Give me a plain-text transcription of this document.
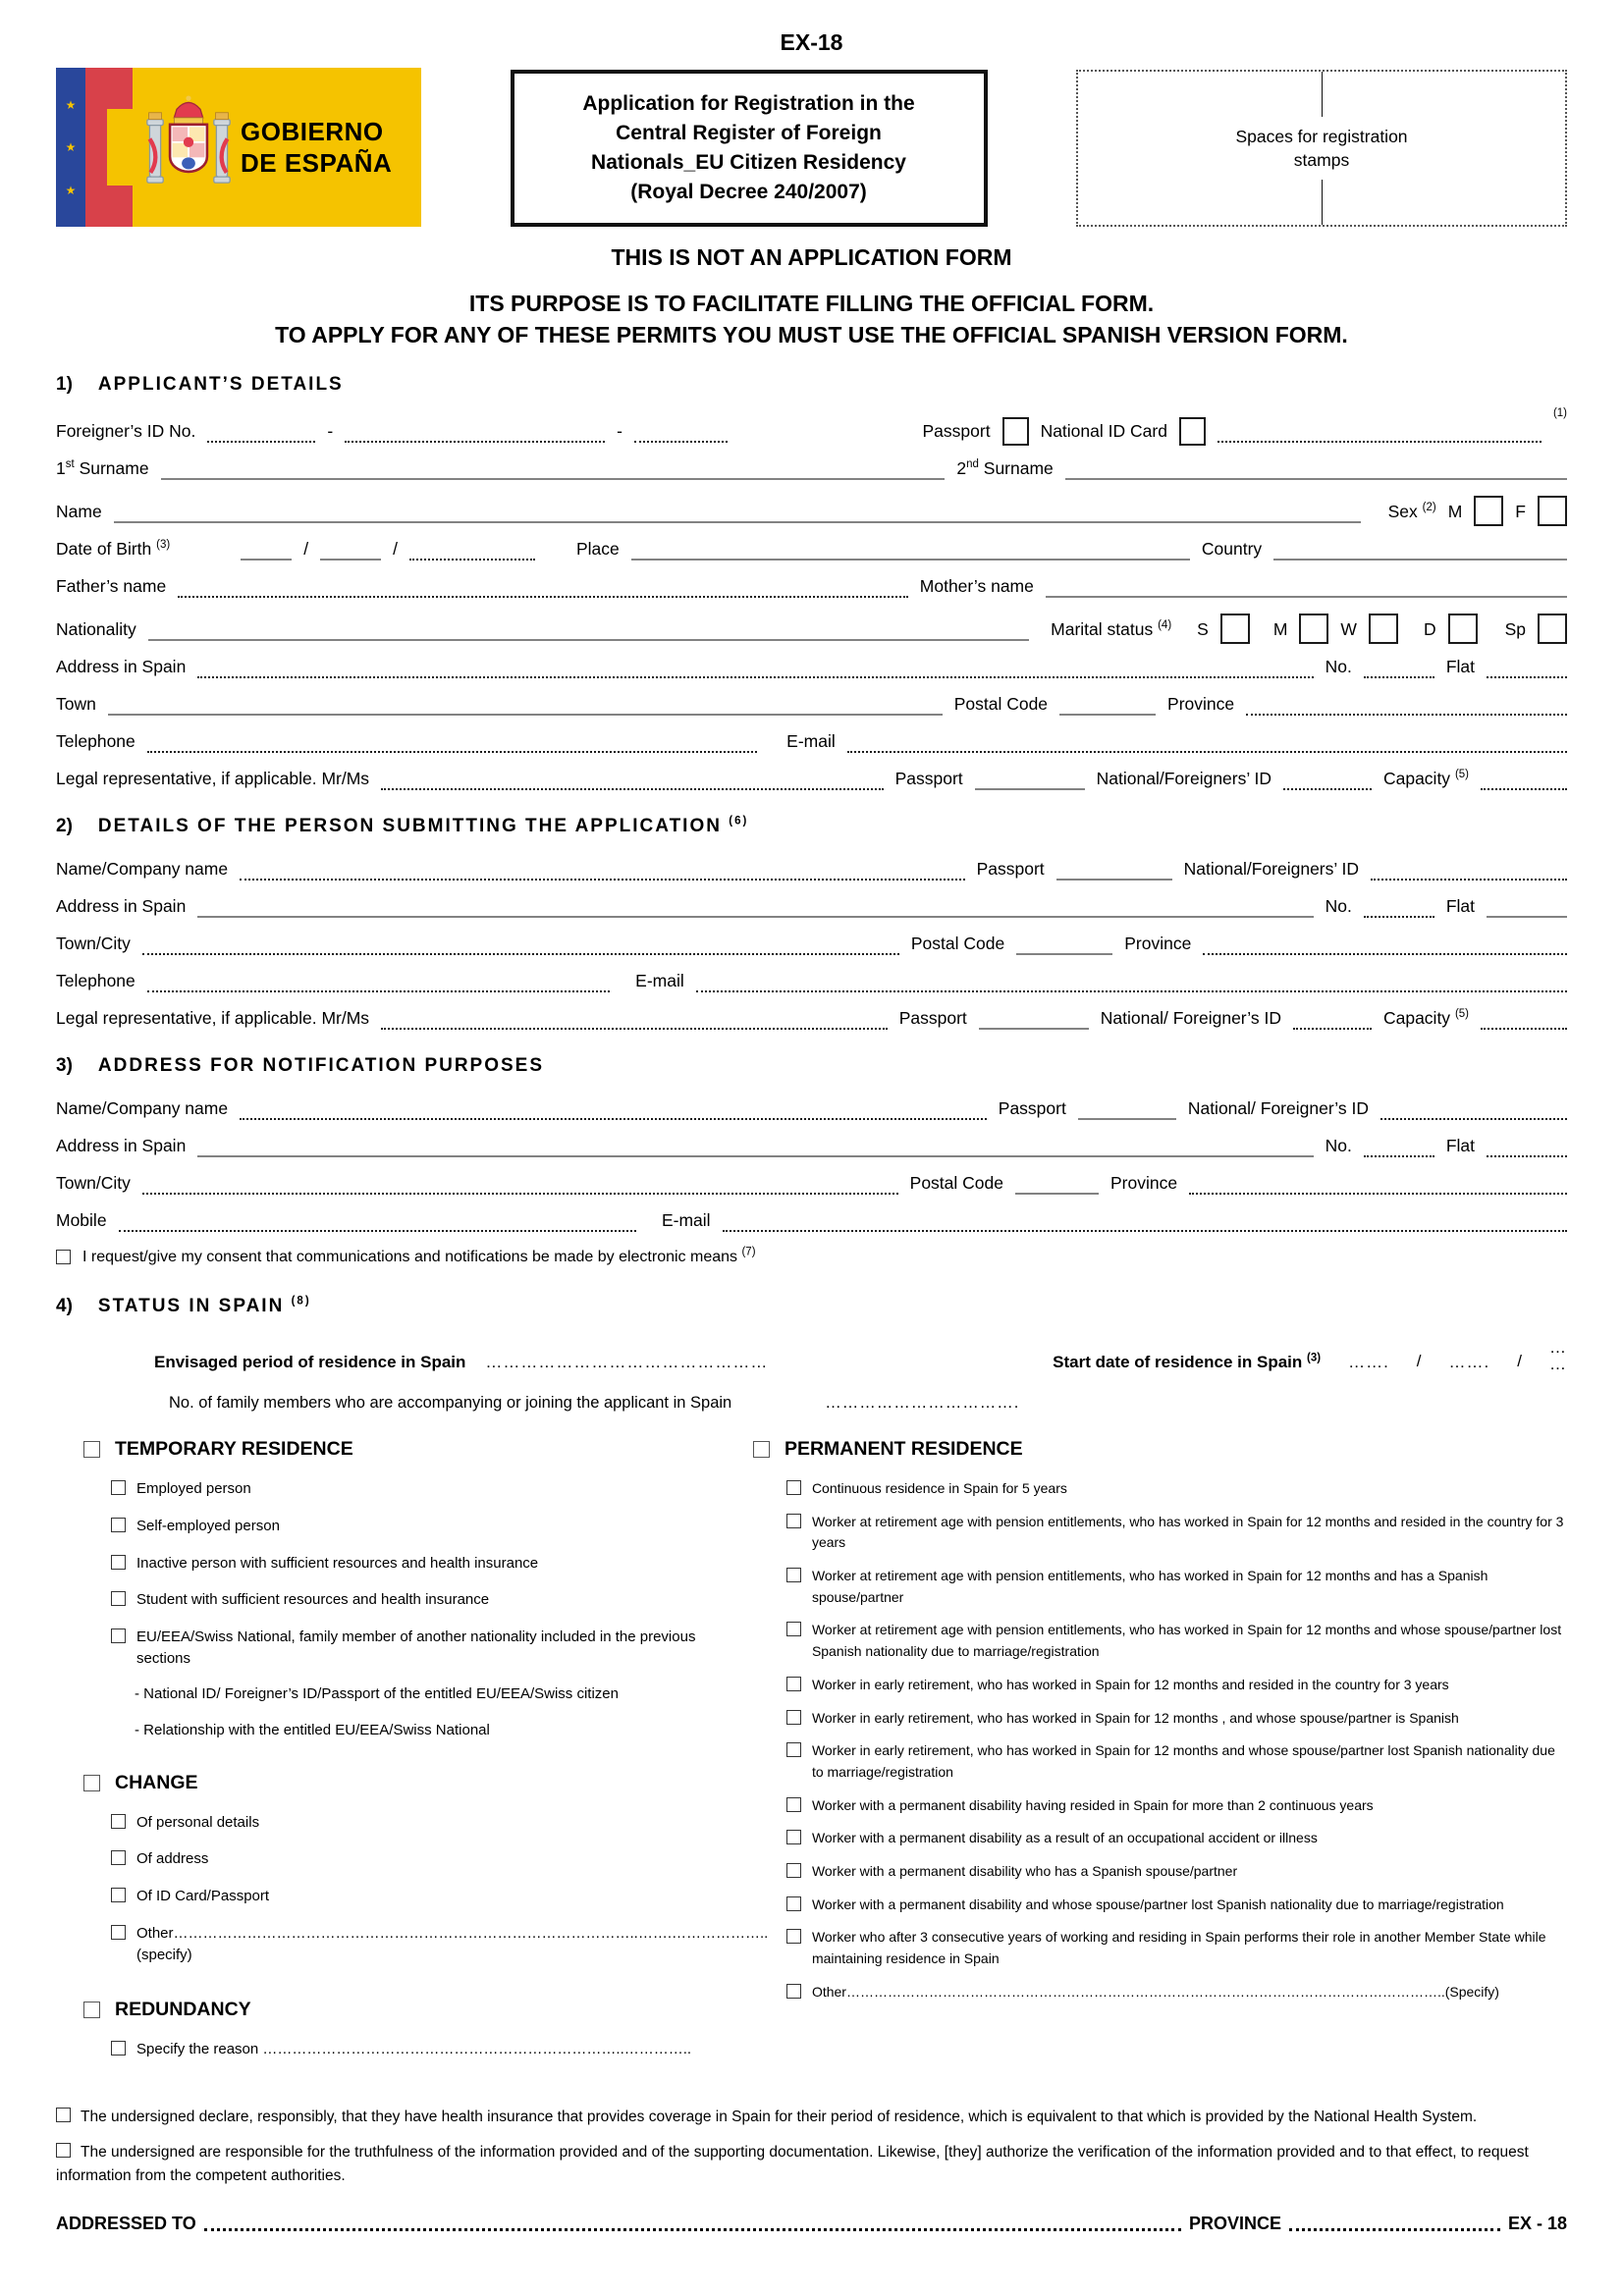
EX-18
★
★
★
GOBIERNO
DE ESPAÑA
Application for Registration in the
Central Register of Foreign
Nationals_EU Citizen Residency
(Royal Decree 240/2007)
Spaces for registration
stamps
THIS IS NOT AN APPLICATION FORM
ITS PURPOSE IS TO FACILITATE FILLING THE OFFICIAL FORM.
TO APPLY FOR ANY OF THESE PERMITS YOU MUST USE THE OFFICIAL SPANISH VERSION FORM.
1) APPLICANT’S DETAILS
Foreigner’s ID No.	-	-	Passport	National ID Card
(1)
1st Surname	2nd Surname
Name	Sex $^{(2)}$ M	F
Date of Birth $^{(3)}$	/	/	Place	Country
Father’s name	Mother’s name
Nationality	Marital status $^{(4)}$ S	M	W	D	Sp
Address in Spain	No.	Flat
Town	Postal Code	Province
Telephone	E-mail
Legal representative, if applicable. Mr/Ms	Passport	National/Foreigners’ ID	Capacity $^{(5)}$
2) DETAILS OF THE PERSON SUBMITTING THE APPLICATION $^{(6)}$
Name/Company name	Passport	National/Foreigners’ ID
Address in Spain	No.	Flat
Town/City	Postal Code	Province
Telephone	E-mail
Legal representative, if applicable. Mr/Ms	Passport	National/ Foreigner’s ID	Capacity $^{(5)}$
3) ADDRESS FOR NOTIFICATION PURPOSES
Name/Company name	Passport	National/ Foreigner’s ID
Address in Spain	No.	Flat
Town/City	Postal Code	Province
Mobile	E-mail
I request/give my consent that communications and notifications be made by electronic means $^{(7)}$
4) STATUS IN SPAIN $^{(8)}$
Envisaged period of residence in Spain …………………………………………	Start date of residence in Spain $^{(3)}$ ……. / ……. /
…
…
No. of family members who are accompanying or joining the applicant in Spain	…………………………….
TEMPORARY RESIDENCE
Employed person
Self-employed person
Inactive person with sufficient resources and health insurance
Student with sufficient resources and health insurance
EU/EEA/Swiss National, family member of another nationality included in the previous sections
- National ID/ Foreigner’s ID/Passport of the entitled EU/EEA/Swiss citizen
- Relationship with the entitled EU/EEA/Swiss National
CHANGE
Of personal details
Of address
Of ID Card/Passport
Other…………………………………………………………………………………..…….………………..(specify)
REDUNDANCY
Specify the reason ………………………………………………………………..…………..
PERMANENT RESIDENCE
Continuous residence in Spain for 5 years
Worker at retirement age with pension entitlements, who has worked in Spain for 12 months and resided in the country for 3 years
Worker at retirement age with pension entitlements, who has worked in Spain for 12 months and has a Spanish spouse/partner
Worker at retirement age with pension entitlements, who has worked in Spain for 12 months and whose spouse/partner lost Spanish nationality due to marriage/registration
Worker in early retirement, who has worked in Spain for 12 months and resided in the country for 3 years
Worker in early retirement, who has worked in Spain for 12 months , and whose spouse/partner is Spanish
Worker in early retirement, who has worked in Spain for 12 months and whose spouse/partner lost Spanish nationality due to marriage/registration
Worker with a permanent disability having resided in Spain for more than 2 continuous years
Worker with a permanent disability as a result of an occupational accident or illness
Worker with a permanent disability who has a Spanish spouse/partner
Worker with a permanent disability and whose spouse/partner lost Spanish nationality due to marriage/registration
Worker who after 3 consecutive years of working and residing in Spain performs their role in another Member State while maintaining residence in Spain
Other…………………………………………………………………………………………………………………..(Specify)
The undersigned declare, responsibly, that they have health insurance that provides coverage in Spain for their period of residence, which is equivalent to that which is provided by the National Health System.
The undersigned are responsible for the truthfulness of the information provided and of the supporting documentation. Likewise, [they] authorize the verification of the information provided and to that effect, to request information from the competent authorities.
ADDRESSED TO	PROVINCE	EX - 18
